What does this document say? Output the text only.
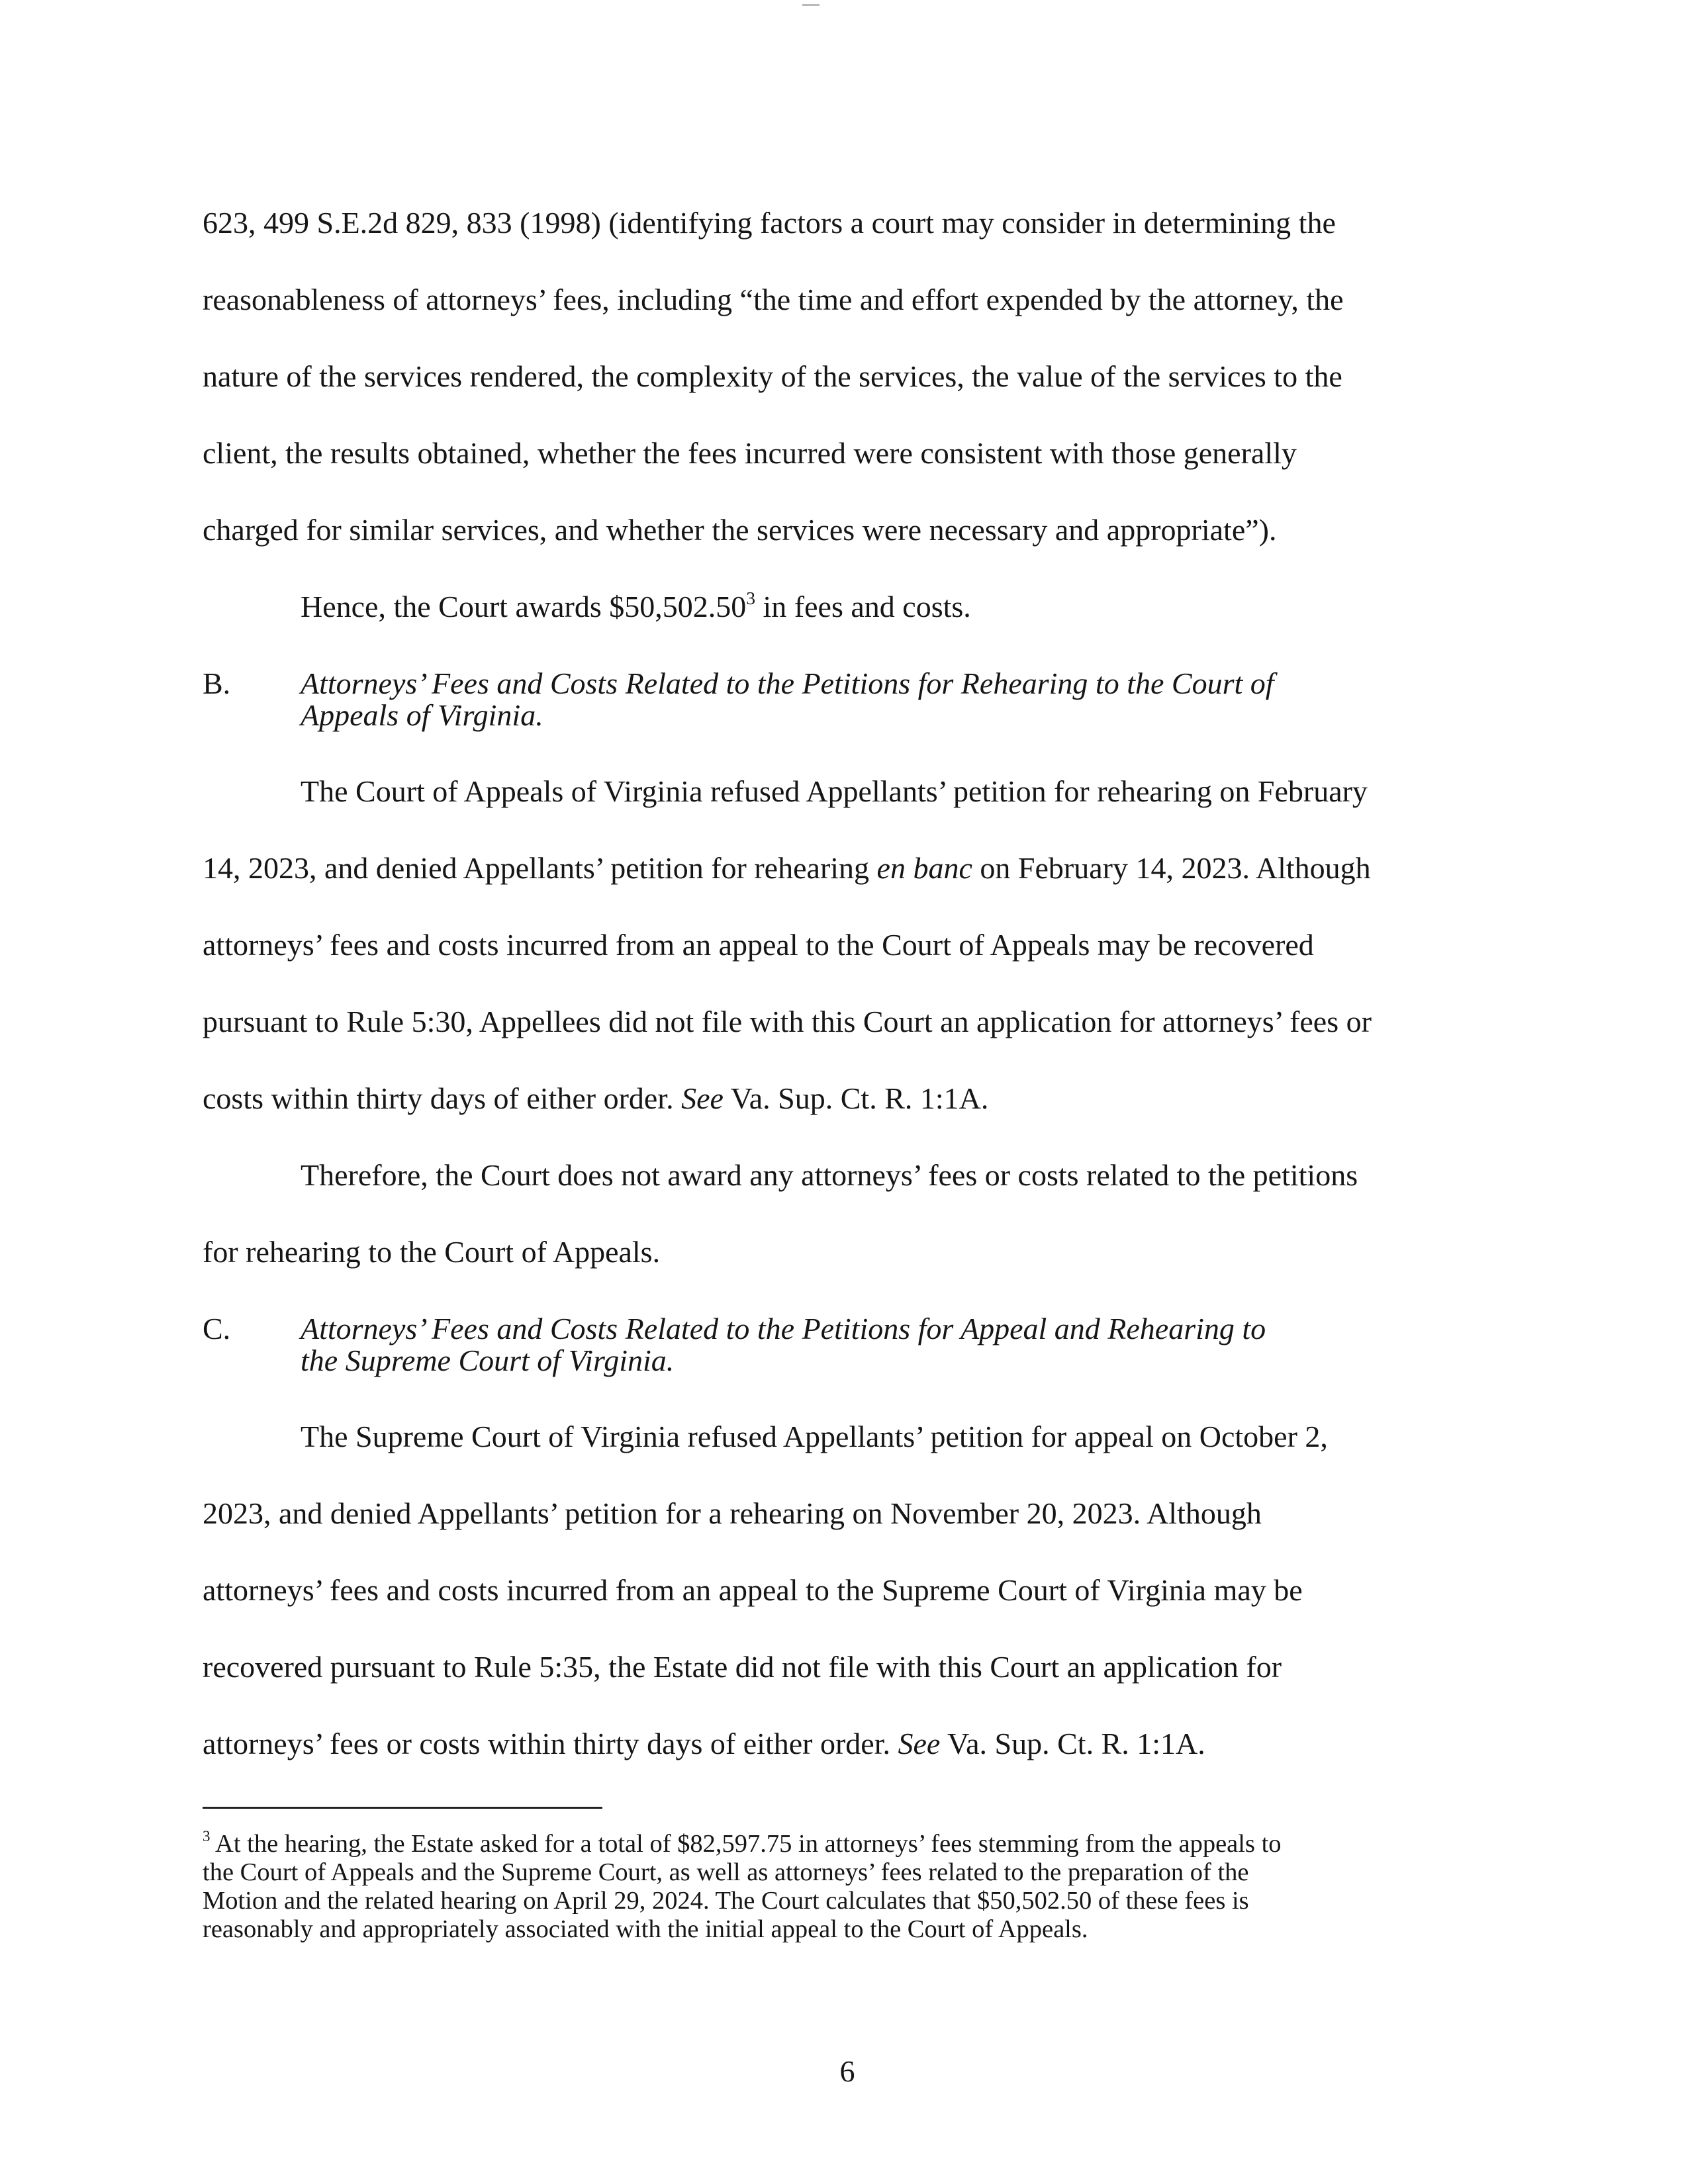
623, 499 S.E.2d 829, 833 (1998) (identifying factors a court may consider in determining the
reasonableness of attorneys’ fees, including “the time and effort expended by the attorney, the
nature of the services rendered, the complexity of the services, the value of the services to the
client, the results obtained, whether the fees incurred were consistent with those generally
charged for similar services, and whether the services were necessary and appropriate”).
Hence, the Court awards $50,502.50$^3$ in fees and costs.
B. Attorneys’ Fees and Costs Related to the Petitions for Rehearing to the Court of
Appeals of Virginia.
The Court of Appeals of Virginia refused Appellants’ petition for rehearing on February
14, 2023, and denied Appellants’ petition for rehearing en banc on February 14, 2023. Although
attorneys’ fees and costs incurred from an appeal to the Court of Appeals may be recovered
pursuant to Rule 5:30, Appellees did not file with this Court an application for attorneys’ fees or
costs within thirty days of either order. See Va. Sup. Ct. R. 1:1A.
Therefore, the Court does not award any attorneys’ fees or costs related to the petitions
for rehearing to the Court of Appeals.
C. Attorneys’ Fees and Costs Related to the Petitions for Appeal and Rehearing to
the Supreme Court of Virginia.
The Supreme Court of Virginia refused Appellants’ petition for appeal on October 2,
2023, and denied Appellants’ petition for a rehearing on November 20, 2023. Although
attorneys’ fees and costs incurred from an appeal to the Supreme Court of Virginia may be
recovered pursuant to Rule 5:35, the Estate did not file with this Court an application for
attorneys’ fees or costs within thirty days of either order. See Va. Sup. Ct. R. 1:1A.
$^3$ At the hearing, the Estate asked for a total of $82,597.75 in attorneys’ fees stemming from the appeals to
the Court of Appeals and the Supreme Court, as well as attorneys’ fees related to the preparation of the
Motion and the related hearing on April 29, 2024. The Court calculates that $50,502.50 of these fees is
reasonably and appropriately associated with the initial appeal to the Court of Appeals.
6
